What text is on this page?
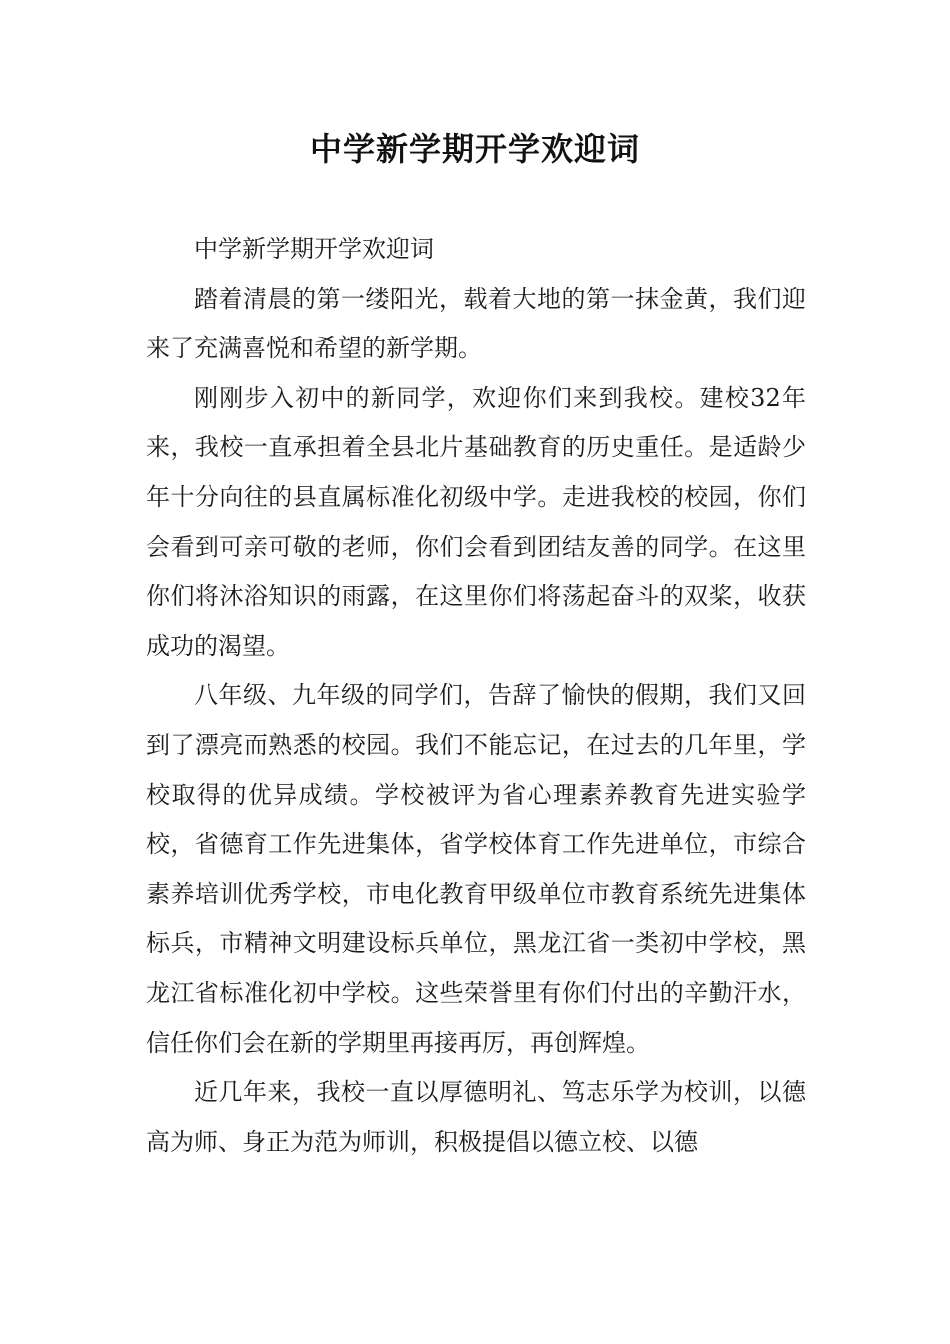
中学新学期开学欢迎词

中学新学期开学欢迎词

踏着清晨的第一缕阳光，载着大地的第一抹金黄，我们迎来了充满喜悦和希望的新学期。

刚刚步入初中的新同学，欢迎你们来到我校。建校32年来，我校一直承担着全县北片基础教育的历史重任。是适龄少年十分向往的县直属标准化初级中学。走进我校的校园，你们会看到可亲可敬的老师，你们会看到团结友善的同学。在这里你们将沐浴知识的雨露，在这里你们将荡起奋斗的双桨，收获成功的渴望。

八年级、九年级的同学们，告辞了愉快的假期，我们又回到了漂亮而熟悉的校园。我们不能忘记，在过去的几年里，学校取得的优异成绩。学校被评为省心理素养教育先进实验学校，省德育工作先进集体，省学校体育工作先进单位，市综合素养培训优秀学校，市电化教育甲级单位市教育系统先进集体标兵，市精神文明建设标兵单位，黑龙江省一类初中学校，黑龙江省标准化初中学校。这些荣誉里有你们付出的辛勤汗水，信任你们会在新的学期里再接再厉，再创辉煌。

近几年来，我校一直以厚德明礼、笃志乐学为校训，以德高为师、身正为范为师训，积极提倡以德立校、以德
